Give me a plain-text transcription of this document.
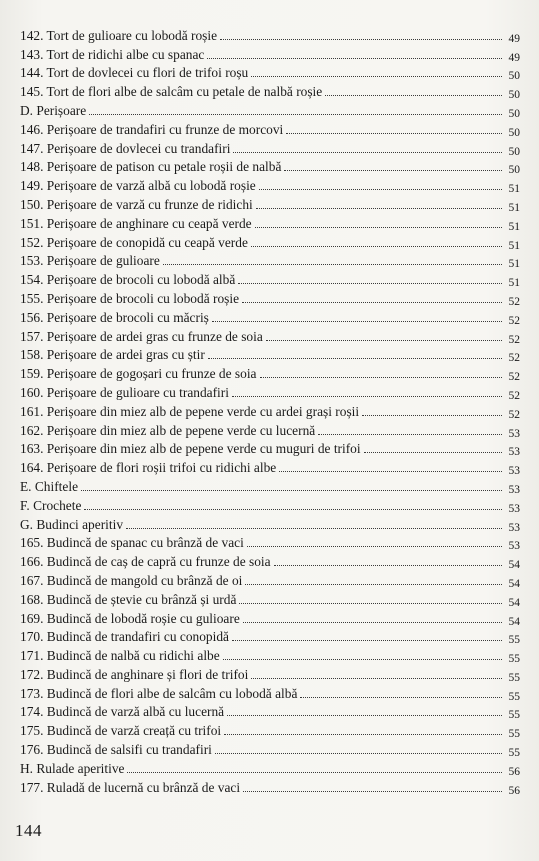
142. Tort de gulioare cu lobodă roșie	49
143. Tort de ridichi albe cu spanac	49
144. Tort de dovlecei cu flori de trifoi roșu	50
145. Tort de flori albe de salcâm cu petale de nalbă roșie	50
D. Perișoare	50
146. Perișoare de trandafiri cu frunze de morcovi	50
147. Perișoare de dovlecei cu trandafiri	50
148. Perișoare de patison cu petale roșii de nalbă	50
149. Perișoare de varză albă cu lobodă roșie	51
150. Perișoare de varză cu frunze de ridichi	51
151. Perișoare de anghinare cu ceapă verde	51
152. Perișoare de conopidă cu ceapă verde	51
153. Perișoare de gulioare	51
154. Perișoare de brocoli cu lobodă albă	51
155. Perișoare de brocoli cu lobodă roșie	52
156. Perișoare de brocoli cu măcriș	52
157. Perișoare de ardei gras cu frunze de soia	52
158. Perișoare de ardei gras cu știr	52
159. Perișoare de gogoșari cu frunze de soia	52
160. Perișoare de gulioare cu trandafiri	52
161. Perișoare din miez alb de pepene verde cu ardei grași roșii	52
162. Perișoare din miez alb de pepene verde cu lucernă	53
163. Perișoare din miez alb de pepene verde cu muguri de trifoi	53
164. Perișoare de flori roșii trifoi cu ridichi albe	53
E. Chiftele	53
F. Crochete	53
G. Budinci aperitiv	53
165. Budincă de spanac cu brânză de vaci	53
166. Budincă de caș de capră cu frunze de soia	54
167. Budincă de mangold cu brânză de oi	54
168. Budincă de ștevie cu brânză și urdă	54
169. Budincă de lobodă roșie cu gulioare	54
170. Budincă de trandafiri cu conopidă	55
171. Budincă de nalbă cu ridichi albe	55
172. Budincă de anghinare și flori de trifoi	55
173. Budincă de flori albe de salcâm cu lobodă albă	55
174. Budincă de varză albă cu lucernă	55
175. Budincă de varză creață cu trifoi	55
176. Budincă de salsifi cu trandafiri	55
H. Rulade aperitive	56
177. Ruladă de lucernă cu brânză de vaci	56
144
